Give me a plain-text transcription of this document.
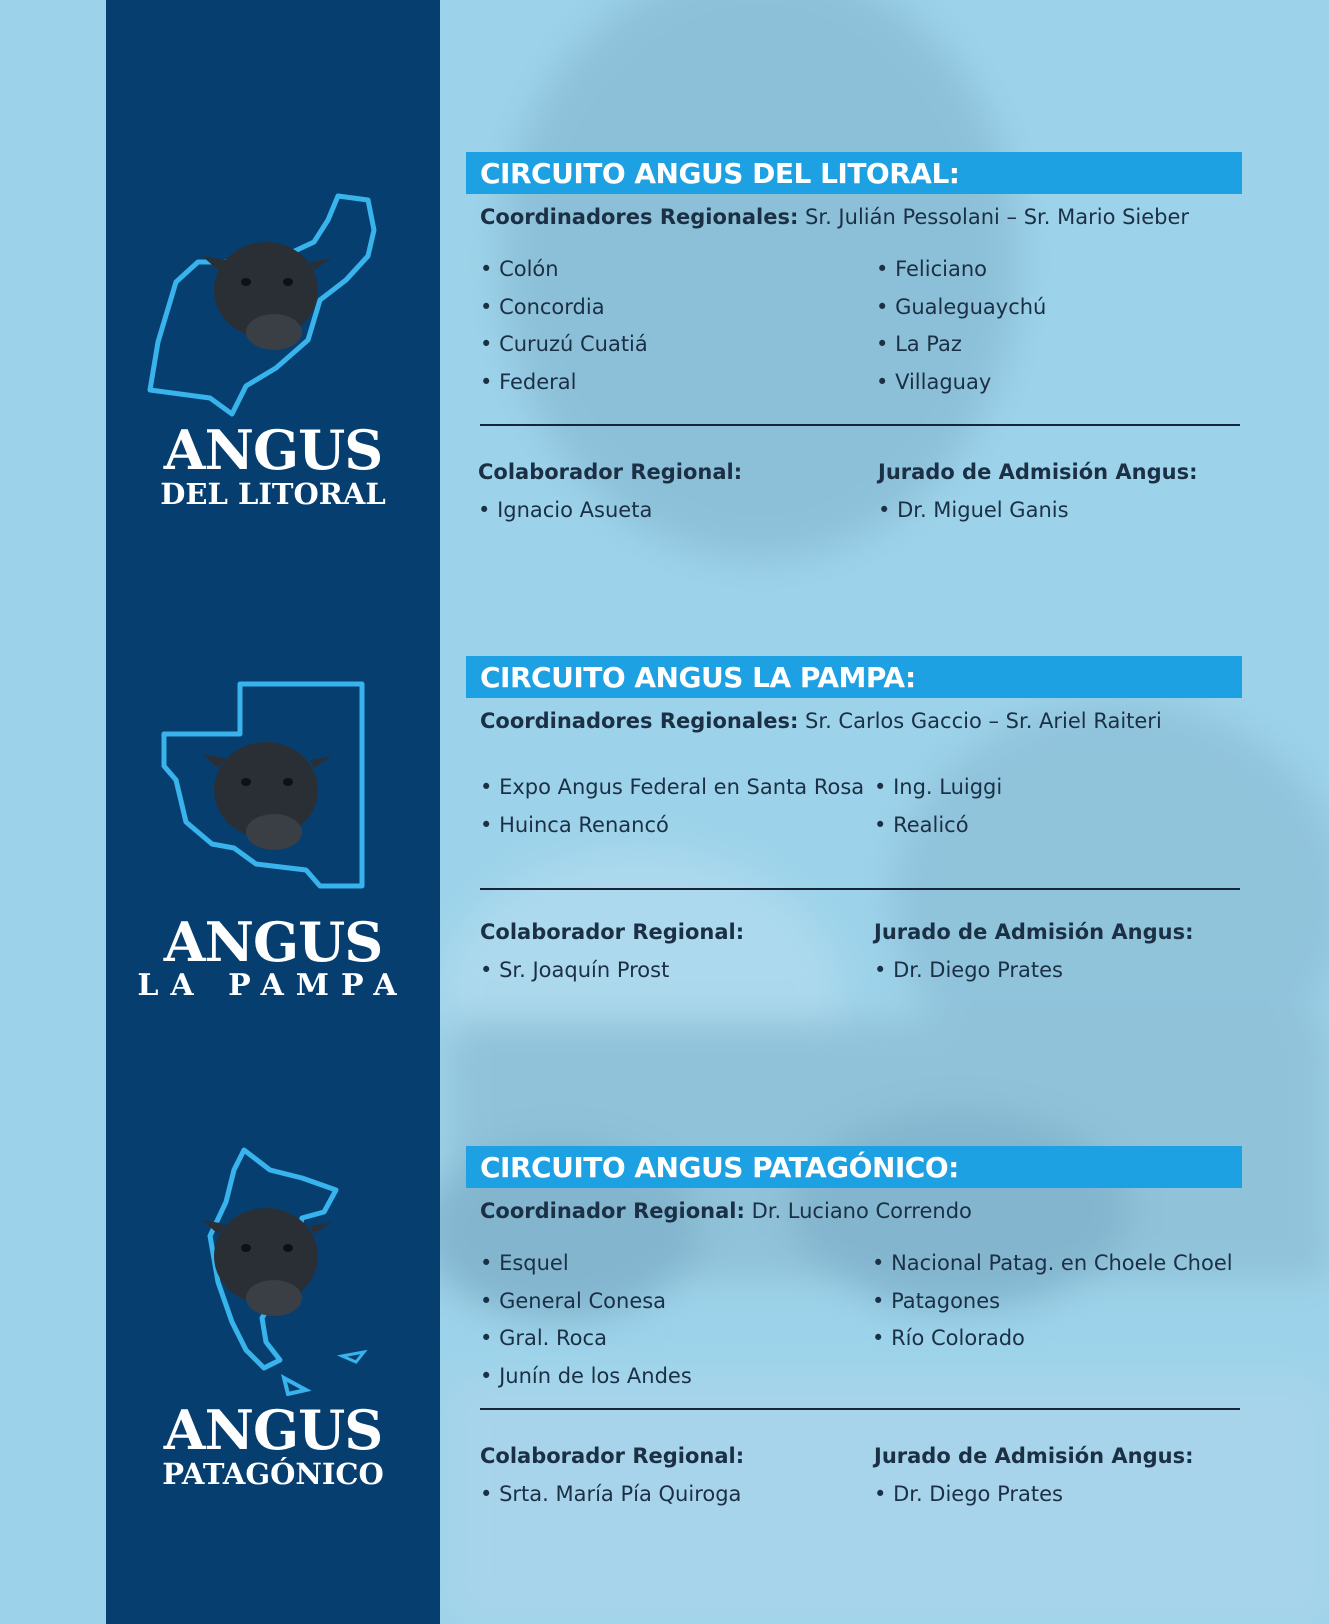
ANGUS
DEL LITORAL
ANGUS
LA PAMPA
ANGUS
PATAGÓNICO
CIRCUITO ANGUS DEL LITORAL:
Coordinadores Regionales: Sr. Julián Pessolani – Sr. Mario Sieber
• Colón
• Concordia
• Curuzú Cuatiá
• Federal
• Feliciano
• Gualeguaychú
• La Paz
• Villaguay
Colaborador Regional:
• Ignacio Asueta
Jurado de Admisión Angus:
• Dr. Miguel Ganis
CIRCUITO ANGUS LA PAMPA:
Coordinadores Regionales: Sr. Carlos Gaccio – Sr. Ariel Raiteri
• Expo Angus Federal en Santa Rosa
• Huinca Renancó
• Ing. Luiggi
• Realicó
Colaborador Regional:
• Sr. Joaquín Prost
Jurado de Admisión Angus:
• Dr. Diego Prates
CIRCUITO ANGUS PATAGÓNICO:
Coordinador Regional: Dr. Luciano Correndo
• Esquel
• General Conesa
• Gral. Roca
• Junín de los Andes
• Nacional Patag. en Choele Choel
• Patagones
• Río Colorado
Colaborador Regional:
• Srta. María Pía Quiroga
Jurado de Admisión Angus:
• Dr. Diego Prates
